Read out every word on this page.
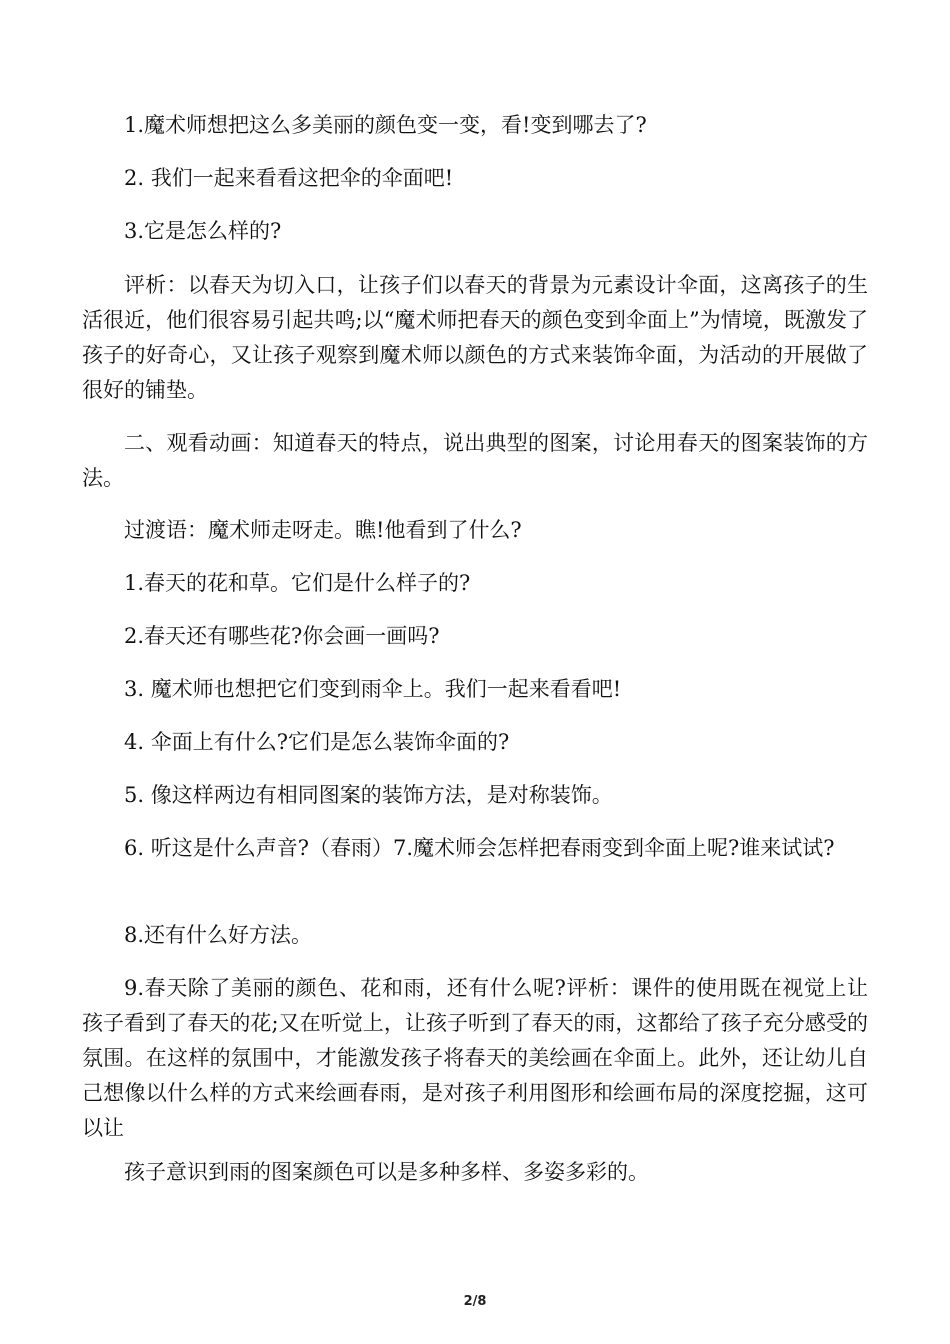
1.魔术师想把这么多美丽的颜色变一变，看!变到哪去了?

2. 我们一起来看看这把伞的伞面吧!

3.它是怎么样的?

评析：以春天为切入口，让孩子们以春天的背景为元素设计伞面，这离孩子的生活很近，他们很容易引起共鸣;以“魔术师把春天的颜色变到伞面上”为情境，既激发了孩子的好奇心，又让孩子观察到魔术师以颜色的方式来装饰伞面，为活动的开展做了很好的铺垫。

二、观看动画：知道春天的特点，说出典型的图案，讨论用春天的图案装饰的方法。

过渡语：魔术师走呀走。瞧!他看到了什么?

1.春天的花和草。它们是什么样子的?

2.春天还有哪些花?你会画一画吗?

3. 魔术师也想把它们变到雨伞上。我们一起来看看吧!

4. 伞面上有什么?它们是怎么装饰伞面的?

5. 像这样两边有相同图案的装饰方法，是对称装饰。

6. 听这是什么声音?（春雨）7.魔术师会怎样把春雨变到伞面上呢?谁来试试?

8.还有什么好方法。

9.春天除了美丽的颜色、花和雨，还有什么呢?评析：课件的使用既在视觉上让孩子看到了春天的花;又在听觉上，让孩子听到了春天的雨，这都给了孩子充分感受的氛围。在这样的氛围中，才能激发孩子将春天的美绘画在伞面上。此外，还让幼儿自己想像以什么样的方式来绘画春雨，是对孩子利用图形和绘画布局的深度挖掘，这可以让

孩子意识到雨的图案颜色可以是多种多样、多姿多彩的。

2/8
